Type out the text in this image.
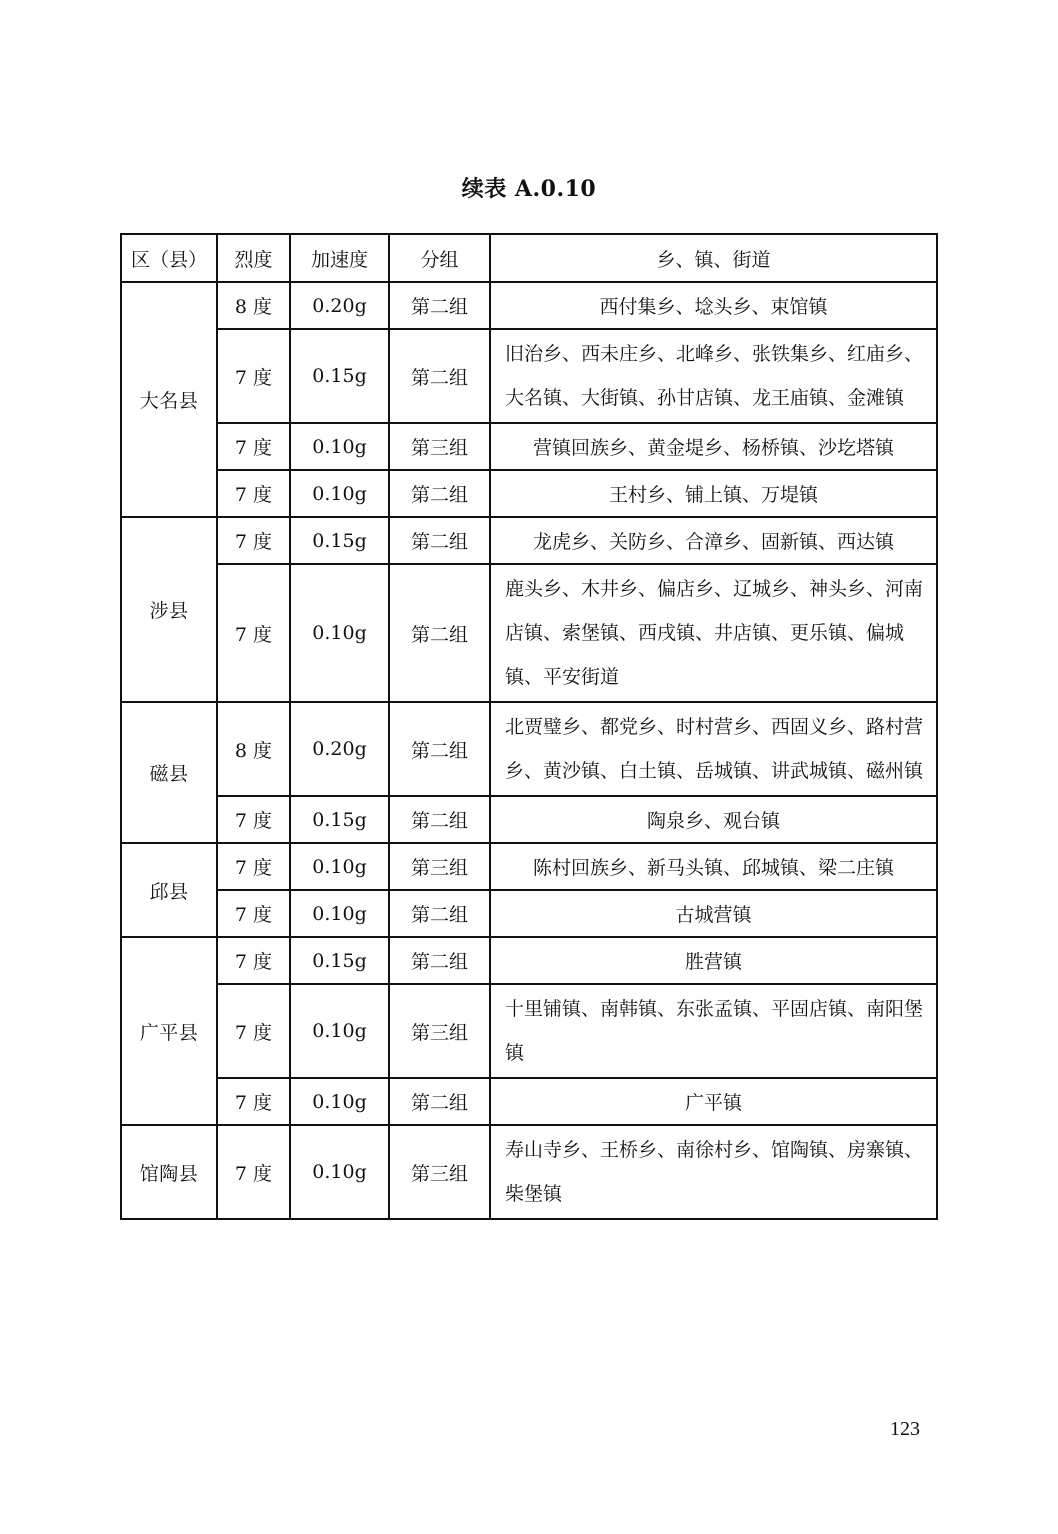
续表 A.0.10
区（县）	烈度	加速度	分组	乡、镇、街道
大名县	8 度	0.20g	第二组	西付集乡、埝头乡、束馆镇
	7 度	0.15g	第二组	旧治乡、西未庄乡、北峰乡、张铁集乡、红庙乡、大名镇、大街镇、孙甘店镇、龙王庙镇、金滩镇
	7 度	0.10g	第三组	营镇回族乡、黄金堤乡、杨桥镇、沙圪塔镇
	7 度	0.10g	第二组	王村乡、铺上镇、万堤镇
涉县	7 度	0.15g	第二组	龙虎乡、关防乡、合漳乡、固新镇、西达镇
	7 度	0.10g	第二组	鹿头乡、木井乡、偏店乡、辽城乡、神头乡、河南店镇、索堡镇、西戌镇、井店镇、更乐镇、偏城镇、平安街道
磁县	8 度	0.20g	第二组	北贾璧乡、都党乡、时村营乡、西固义乡、路村营乡、黄沙镇、白土镇、岳城镇、讲武城镇、磁州镇
	7 度	0.15g	第二组	陶泉乡、观台镇
邱县	7 度	0.10g	第三组	陈村回族乡、新马头镇、邱城镇、梁二庄镇
	7 度	0.10g	第二组	古城营镇
广平县	7 度	0.15g	第二组	胜营镇
	7 度	0.10g	第三组	十里铺镇、南韩镇、东张孟镇、平固店镇、南阳堡镇
	7 度	0.10g	第二组	广平镇
馆陶县	7 度	0.10g	第三组	寿山寺乡、王桥乡、南徐村乡、馆陶镇、房寨镇、柴堡镇
123
